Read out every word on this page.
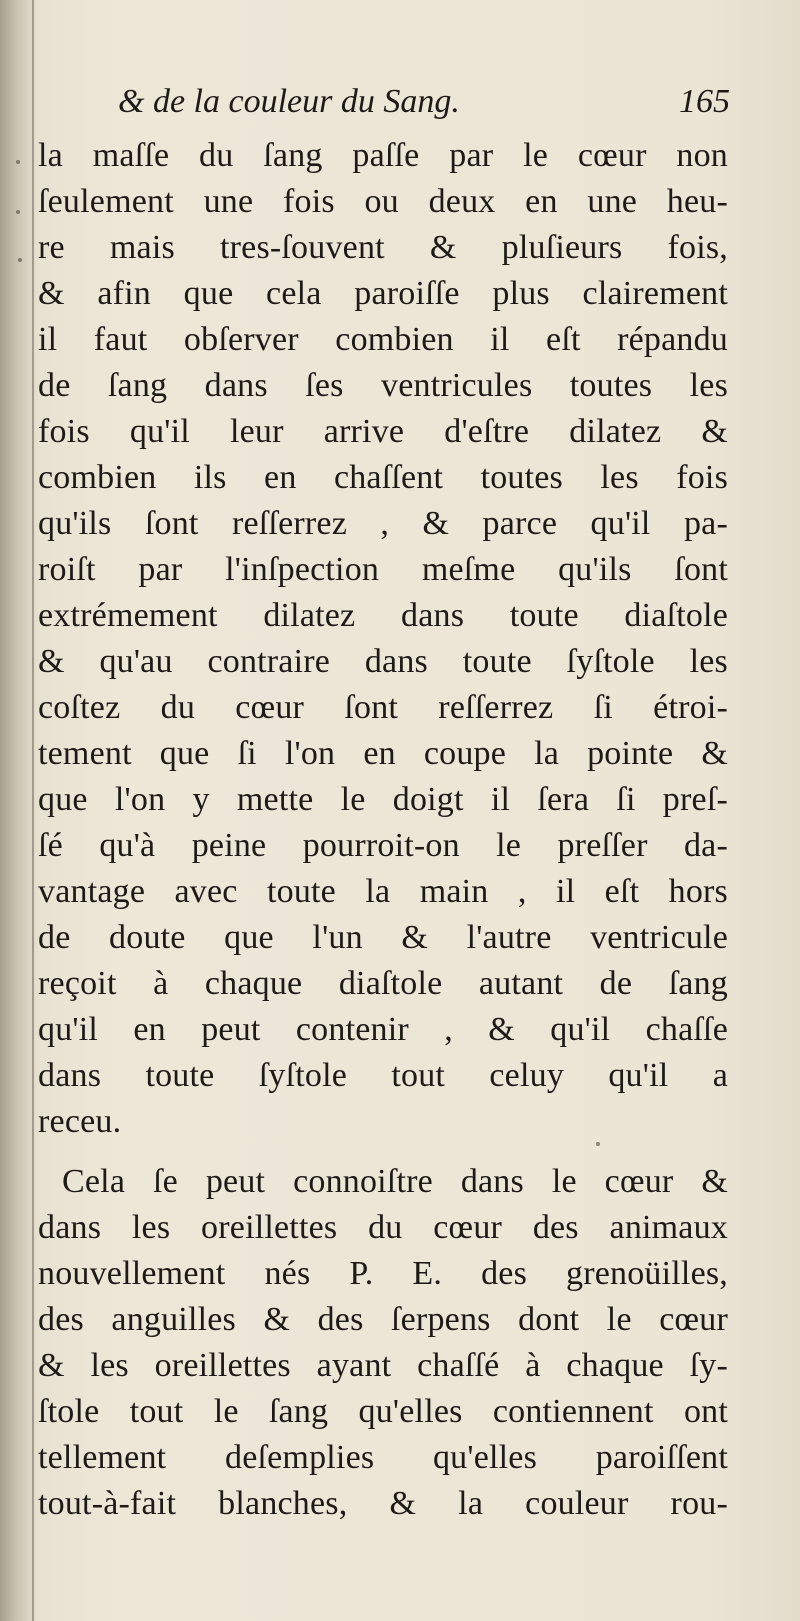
& de la couleur du Sang.	165
la maſſe du ſang paſſe par le cœur non
ſeulement une fois ou deux en une heu-
re mais tres-ſouvent & pluſieurs fois,
& afin que cela paroiſſe plus clairement
il faut obſerver combien il eſt répandu
de ſang dans ſes ventricules toutes les
fois qu'il leur arrive d'eſtre dilatez &
combien ils en chaſſent toutes les fois
qu'ils ſont reſſerrez , & parce qu'il pa-
roiſt par l'inſpection meſme qu'ils ſont
extrémement dilatez dans toute diaſtole
& qu'au contraire dans toute ſyſtole les
coſtez du cœur ſont reſſerrez ſi étroi-
tement que ſi l'on en coupe la pointe &
que l'on y mette le doigt il ſera ſi preſ-
ſé qu'à peine pourroit-on le preſſer da-
vantage avec toute la main , il eſt hors
de doute que l'un & l'autre ventricule
reçoit à chaque diaſtole autant de ſang
qu'il en peut contenir , & qu'il chaſſe
dans toute ſyſtole tout celuy qu'il a
receu.
Cela ſe peut connoiſtre dans le cœur &
dans les oreillettes du cœur des animaux
nouvellement nés P. E. des grenoüilles,
des anguilles & des ſerpens dont le cœur
& les oreillettes ayant chaſſé à chaque ſy-
ſtole tout le ſang qu'elles contiennent ont
tellement deſemplies qu'elles paroiſſent
tout-à-fait blanches, & la couleur rou-
